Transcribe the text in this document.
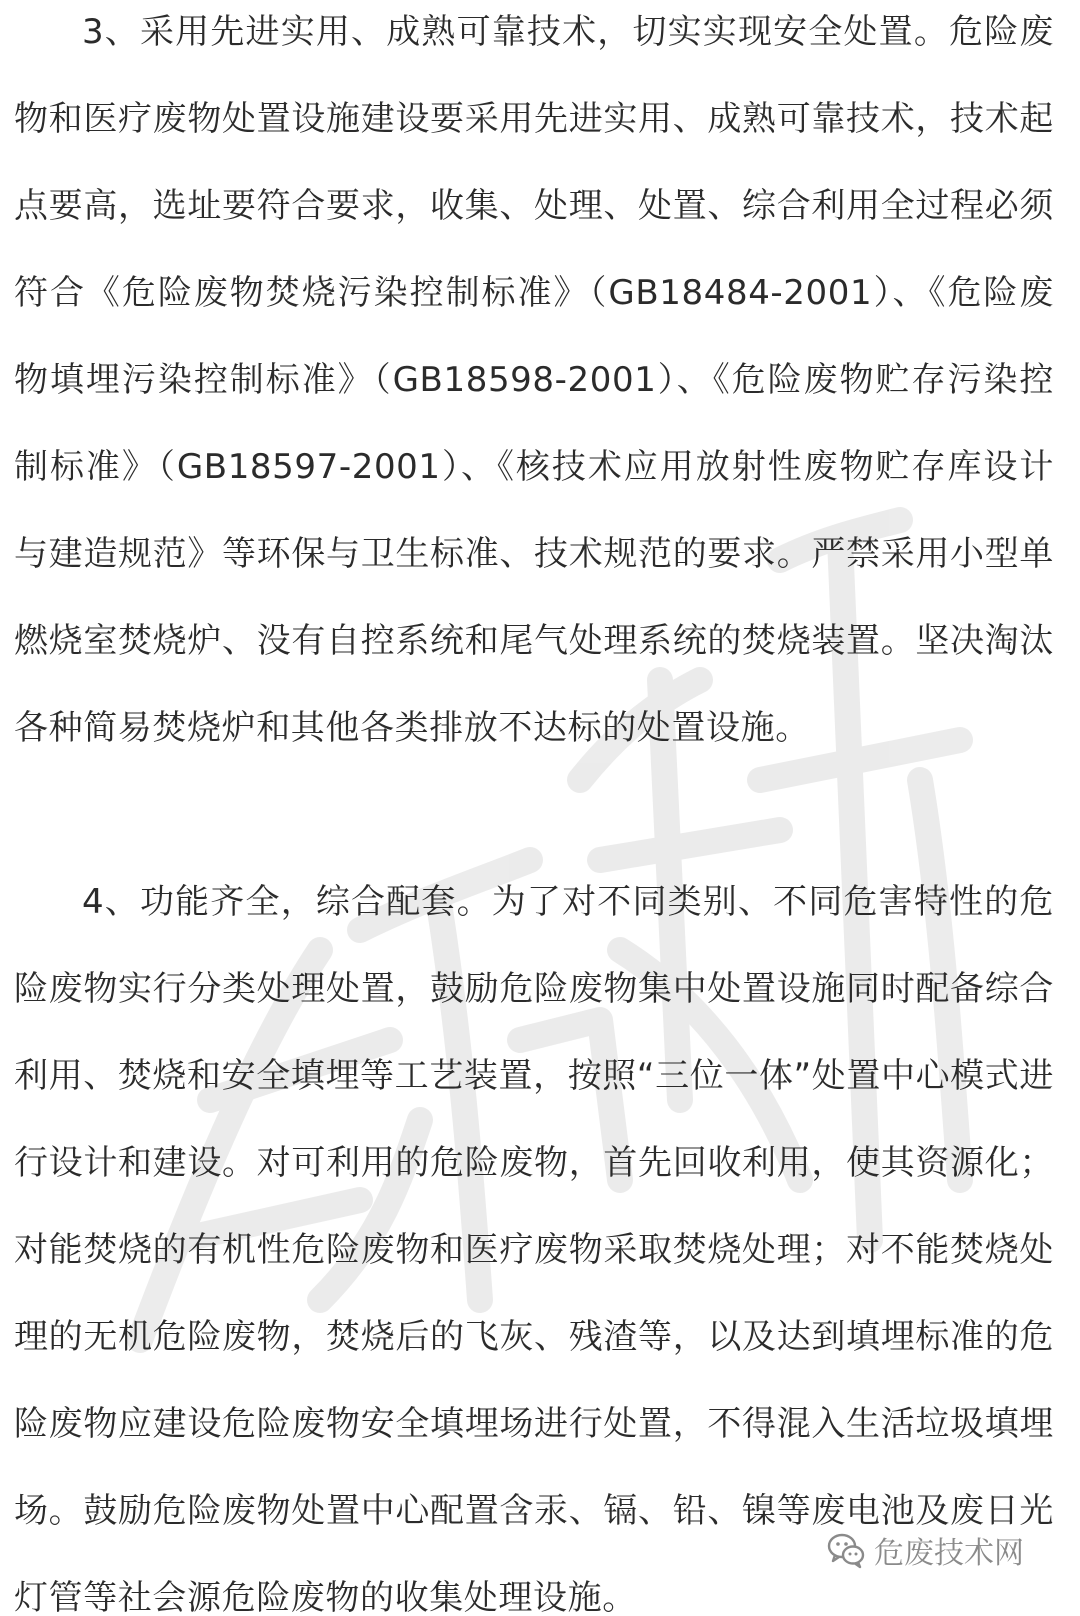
3、采用先进实用、成熟可靠技术，切实实现安全处置。危险废物和医疗废物处置设施建设要采用先进实用、成熟可靠技术，技术起点要高，选址要符合要求，收集、处理、处置、综合利用全过程必须符合《危险废物焚烧污染控制标准》（GB18484-2001）、《危险废物填埋污染控制标准》（GB18598-2001）、《危险废物贮存污染控制标准》（GB18597-2001）、《核技术应用放射性废物贮存库设计与建造规范》等环保与卫生标准、技术规范的要求。严禁采用小型单燃烧室焚烧炉、没有自控系统和尾气处理系统的焚烧装置。坚决淘汰各种简易焚烧炉和其他各类排放不达标的处置设施。

4、功能齐全，综合配套。为了对不同类别、不同危害特性的危险废物实行分类处理处置，鼓励危险废物集中处置设施同时配备综合利用、焚烧和安全填埋等工艺装置，按照“三位一体”处置中心模式进行设计和建设。对可利用的危险废物，首先回收利用，使其资源化；对能焚烧的有机性危险废物和医疗废物采取焚烧处理；对不能焚烧处理的无机危险废物，焚烧后的飞灰、残渣等，以及达到填埋标准的危险废物应建设危险废物安全填埋场进行处置，不得混入生活垃圾填埋场。鼓励危险废物处置中心配置含汞、镉、铅、镍等废电池及废日光灯管等社会源危险废物的收集处理设施。

危废技术网
